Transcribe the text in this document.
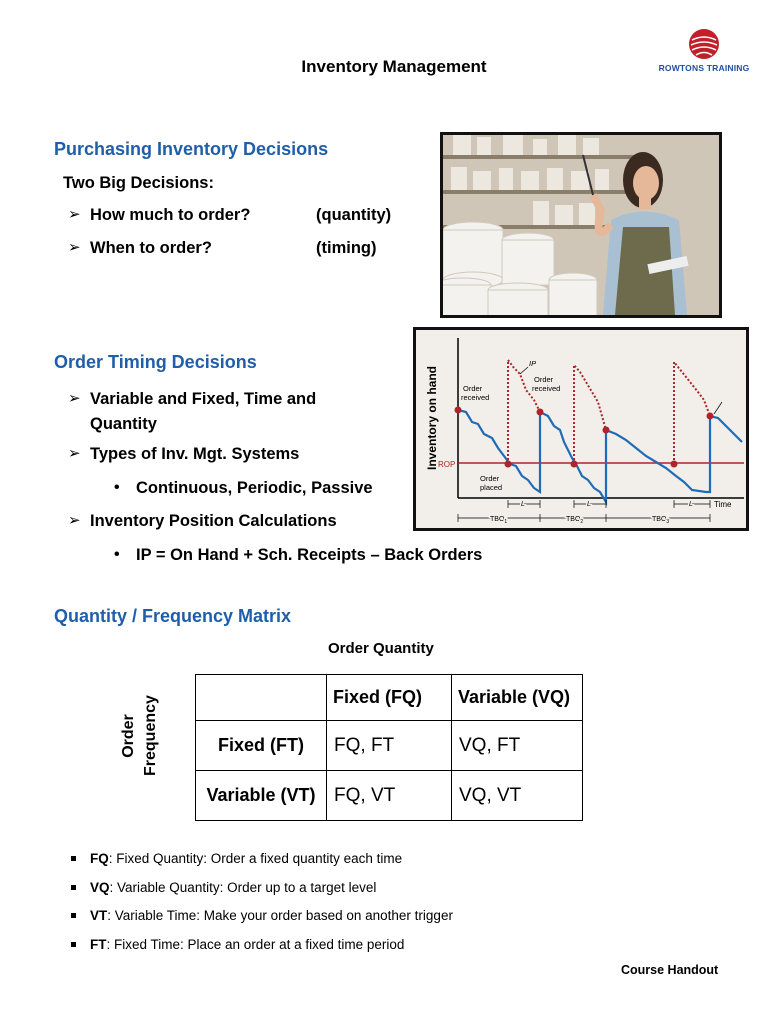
Inventory Management	ROWTONS TRAINING
Purchasing Inventory Decisions
Two Big Decisions:
➢ How much to order?	(quantity)
➢ When to order?	(timing)
Order Timing Decisions
➢ Variable and Fixed, Time and
Quantity
➢ Types of Inv. Mgt. Systems
• Continuous, Periodic, Passive
➢ Inventory Position Calculations
• IP = On Hand + Sch. Receipts – Back Orders
Inventory on hand
Time
ROP
Order
received
Order
received
IP
Order
placed
L	L	L
$TBO_1$	$TBO_2$	$TBO_3$
Quantity / Frequency Matrix
Order Quantity
Order Frequency
		Fixed (FQ)	Variable (VQ)
Fixed (FT)	FQ, FT	VQ, FT
Variable (VT)	FQ, VT	VQ, VT
FQ: Fixed Quantity: Order a fixed quantity each time
VQ: Variable Quantity: Order up to a target level
VT: Variable Time: Make your order based on another trigger
FT: Fixed Time: Place an order at a fixed time period
Course Handout
